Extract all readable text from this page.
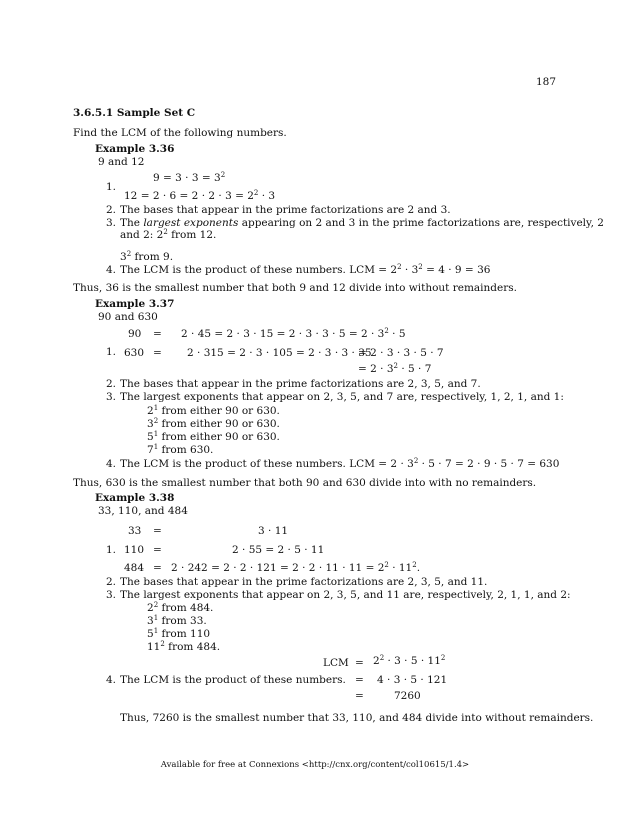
187
3.6.5.1 Sample Set C
Find the LCM of the following numbers.
Example 3.36
9 and 12
1.
$9 = 3 \cdot 3 = 3^2$
$12 = 2 \cdot 6 = 2 \cdot 2 \cdot 3 = 2^2 \cdot 3$
2. The bases that appear in the prime factorizations are 2 and 3.
3. The largest exponents appearing on 2 and 3 in the prime factorizations are, respectively, 2
and 2: $2^2$ from 12.
$3^2$ from 9.
4. The LCM is the product of these numbers. LCM = $2^2 \cdot 3^2 = 4 \cdot 9 = 36$
Thus, 36 is the smallest number that both 9 and 12 divide into without remainders.
Example 3.37
90 and 630
1.
$90 = 2 \cdot 45 = 2 \cdot 3 \cdot 15 = 2 \cdot 3 \cdot 3 \cdot 5 = 2 \cdot 3^2 \cdot 5$
630 = 2 · 315 = 2 · 3 · 105 = 2 · 3 · 3 · 35
= 2 · 3 · 3 · 5 · 7
= $2 \cdot 3^2 \cdot 5 \cdot 7$
2. The bases that appear in the prime factorizations are 2, 3, 5, and 7.
3. The largest exponents that appear on 2, 3, 5, and 7 are, respectively, 1, 2, 1, and 1:
$2^1$ from either 90 or 630.
$3^2$ from either 90 or 630.
$5^1$ from either 90 or 630.
$7^1$ from 630.
4. The LCM is the product of these numbers. LCM = $2 \cdot 3^2 \cdot 5 \cdot 7 = 2 \cdot 9 \cdot 5 \cdot 7 = 630$
Thus, 630 is the smallest number that both 90 and 630 divide into with no remainders.
Example 3.38
33, 110, and 484
1.
33 =	3 · 11
110 =	2 · 55 = 2 · 5 · 11
$484 = 2 \cdot 242 = 2 \cdot 2 \cdot 121 = 2 \cdot 2 \cdot 11 \cdot 11 = 2^2 \cdot 11^2$.
2. The bases that appear in the prime factorizations are 2, 3, 5, and 11.
3. The largest exponents that appear on 2, 3, 5, and 11 are, respectively, 2, 1, 1, and 2:
$2^2$ from 484.
$3^1$ from 33.
$5^1$ from 110
$11^2$ from 484.
4. The LCM is the product of these numbers.
LCM = $2^2 \cdot 3 \cdot 5 \cdot 11^2$
= 4 · 3 · 5 · 121
=	7260
Thus, 7260 is the smallest number that 33, 110, and 484 divide into without remainders.
Available for free at Connexions <http://cnx.org/content/col10615/1.4>
